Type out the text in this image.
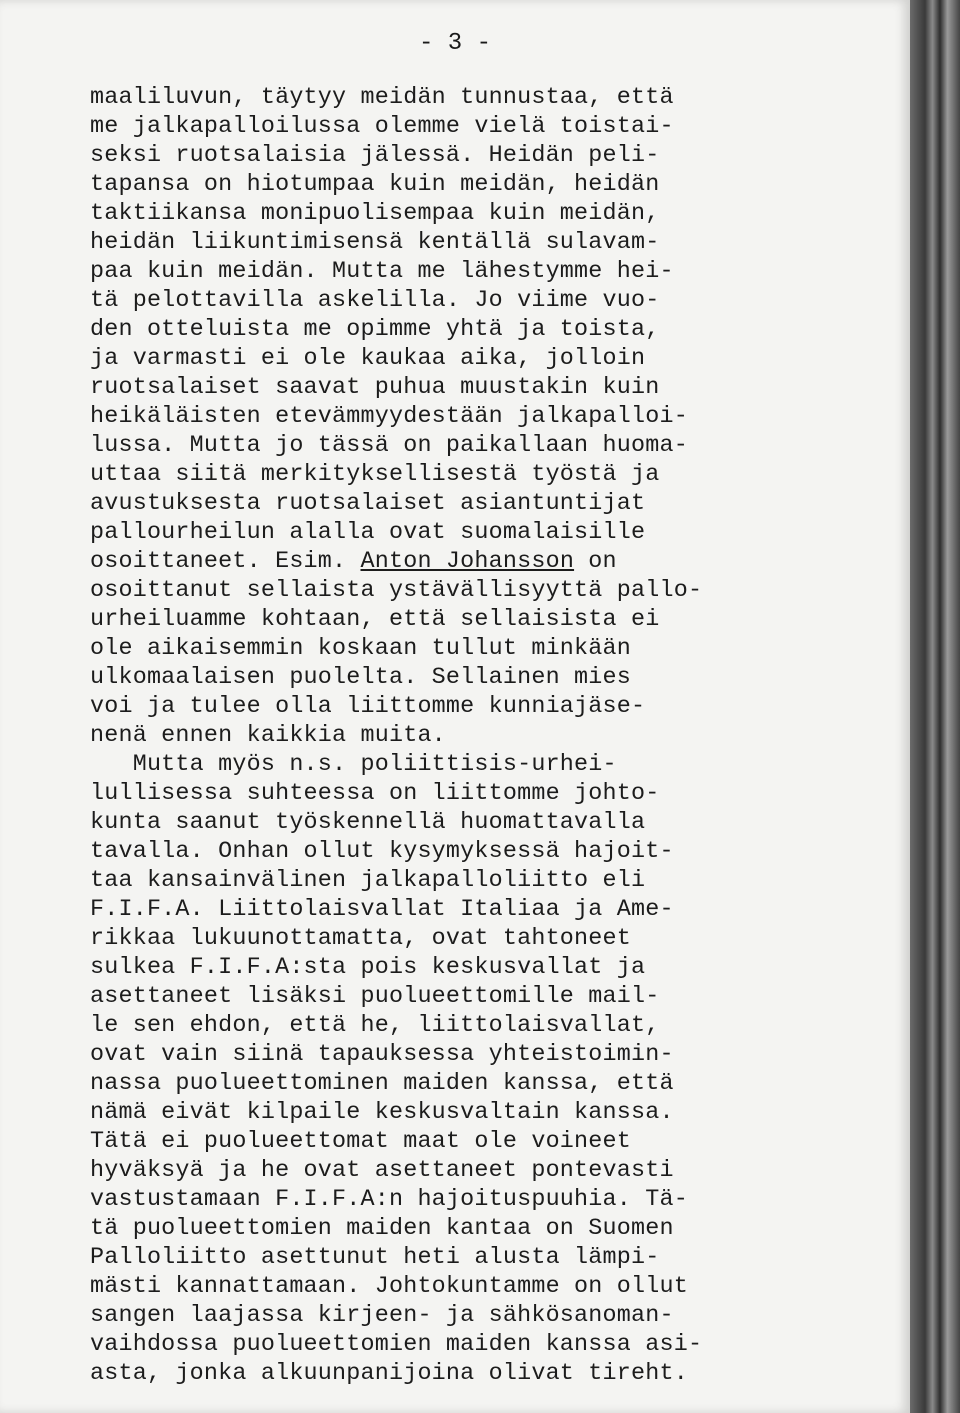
- 3 -
maaliluvun, täytyy meidän tunnustaa, että
me jalkapalloilussa olemme vielä toistai-
seksi ruotsalaisia jälessä. Heidän peli-
tapansa on hiotumpaa kuin meidän, heidän
taktiikansa monipuolisempaa kuin meidän,
heidän liikuntimisensä kentällä sulavam-
paa kuin meidän. Mutta me lähestymme hei-
tä pelottavilla askelilla. Jo viime vuo-
den otteluista me opimme yhtä ja toista,
ja varmasti ei ole kaukaa aika, jolloin
ruotsalaiset saavat puhua muustakin kuin
heikäläisten etevämmyydestään jalkapalloi-
lussa. Mutta jo tässä on paikallaan huoma-
uttaa siitä merkityksellisestä työstä ja
avustuksesta ruotsalaiset asiantuntijat
pallourheilun alalla ovat suomalaisille
osoittaneet. Esim. Anton Johansson on
osoittanut sellaista ystävällisyyttä pallo-
urheiluamme kohtaan, että sellaisista ei
ole aikaisemmin koskaan tullut minkään
ulkomaalaisen puolelta. Sellainen mies
voi ja tulee olla liittomme kunniajäse-
nenä ennen kaikkia muita.
Mutta myös n.s. poliittisis-urhei-
lullisessa suhteessa on liittomme johto-
kunta saanut työskennellä huomattavalla
tavalla. Onhan ollut kysymyksessä hajoit-
taa kansainvälinen jalkapalloliitto eli
F.I.F.A. Liittolaisvallat Italiaa ja Ame-
rikkaa lukuunottamatta, ovat tahtoneet
sulkea F.I.F.A:sta pois keskusvallat ja
asettaneet lisäksi puolueettomille mail-
le sen ehdon, että he, liittolaisvallat,
ovat vain siinä tapauksessa yhteistoimin-
nassa puolueettominen maiden kanssa, että
nämä eivät kilpaile keskusvaltain kanssa.
Tätä ei puolueettomat maat ole voineet
hyväksyä ja he ovat asettaneet pontevasti
vastustamaan F.I.F.A:n hajoituspuuhia. Tä-
tä puolueettomien maiden kantaa on Suomen
Palloliitto asettunut heti alusta lämpi-
mästi kannattamaan. Johtokuntamme on ollut
sangen laajassa kirjeen- ja sähkösanoman-
vaihdossa puolueettomien maiden kanssa asi-
asta, jonka alkuunpanijoina olivat tireht.
